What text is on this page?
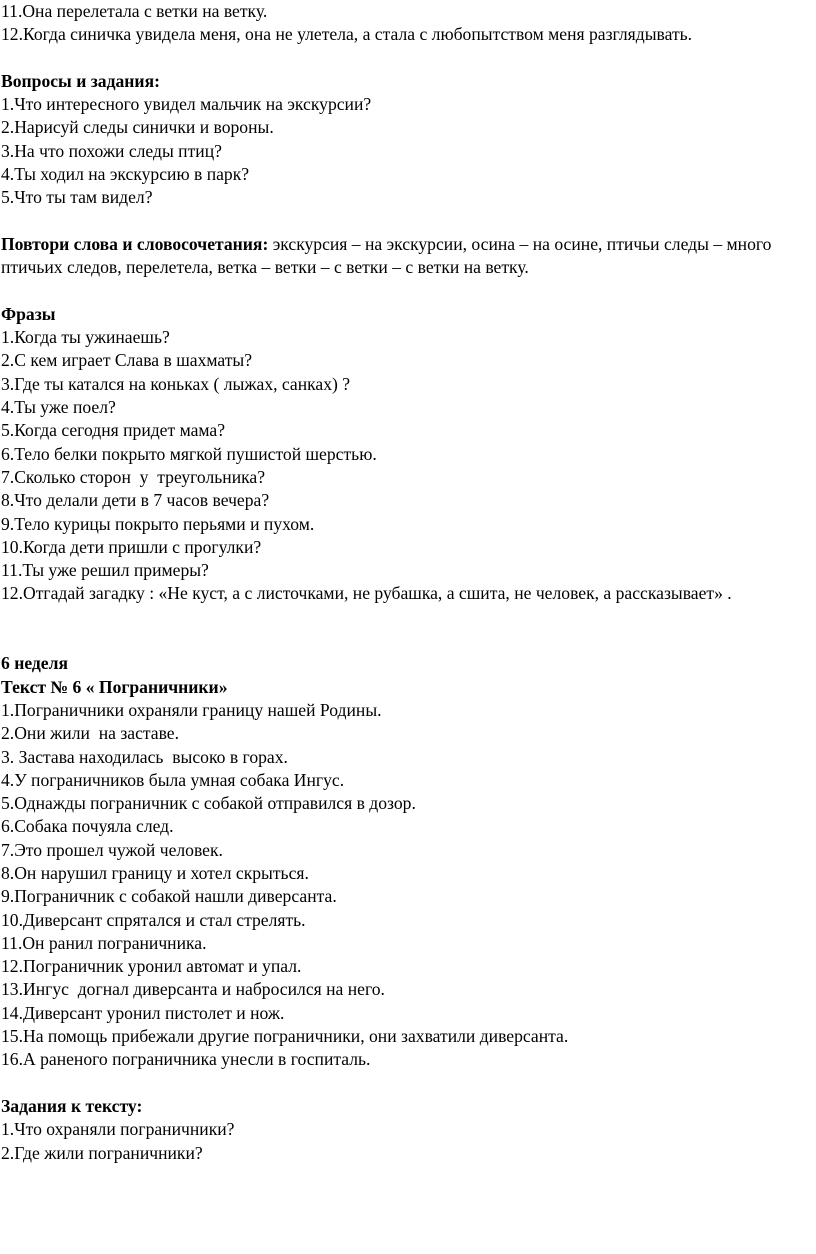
11.Она перелетала с ветки на ветку.

12.Когда синичка увидела меня, она не улетела, а стала с любопытством меня разглядывать.

Вопросы и задания:

1.Что интересного увидел мальчик на экскурсии?

2.Нарисуй следы синички и вороны.

3.На что похожи следы птиц?

4.Ты ходил на экскурсию в парк?

5.Что ты там видел?

Повтори слова и словосочетания: экскурсия – на экскурсии, осина – на осине, птичьи следы – много птичьих следов, перелетела, ветка – ветки – с ветки – с ветки на ветку.

Фразы

1.Когда ты ужинаешь?

2.С кем играет Слава в шахматы?

3.Где ты катался на коньках ( лыжах, санках) ?

4.Ты уже поел?

5.Когда сегодня придет мама?

6.Тело белки покрыто мягкой пушистой шерстью.

7.Сколько сторон  у  треугольника?

8.Что делали дети в 7 часов вечера?

9.Тело курицы покрыто перьями и пухом.

10.Когда дети пришли с прогулки?

11.Ты уже решил примеры?

12.Отгадай загадку : «Не куст, а с листочками, не рубашка, а сшита, не человек, а рассказывает» .

6 неделя

Текст № 6 « Пограничники»

1.Пограничники охраняли границу нашей Родины.

2.Они жили  на заставе.

3. Застава находилась  высоко в горах.

4.У пограничников была умная собака Ингус.

5.Однажды пограничник с собакой отправился в дозор.

6.Собака почуяла след.

7.Это прошел чужой человек.

8.Он нарушил границу и хотел скрыться.

9.Пограничник с собакой нашли диверсанта.

10.Диверсант спрятался и стал стрелять.

11.Он ранил пограничника.

12.Пограничник уронил автомат и упал.

13.Ингус  догнал диверсанта и набросился на него.

14.Диверсант уронил пистолет и нож.

15.На помощь прибежали другие пограничники, они захватили диверсанта.

16.А раненого пограничника унесли в госпиталь.

Задания к тексту:

1.Что охраняли пограничники?

2.Где жили пограничники?
